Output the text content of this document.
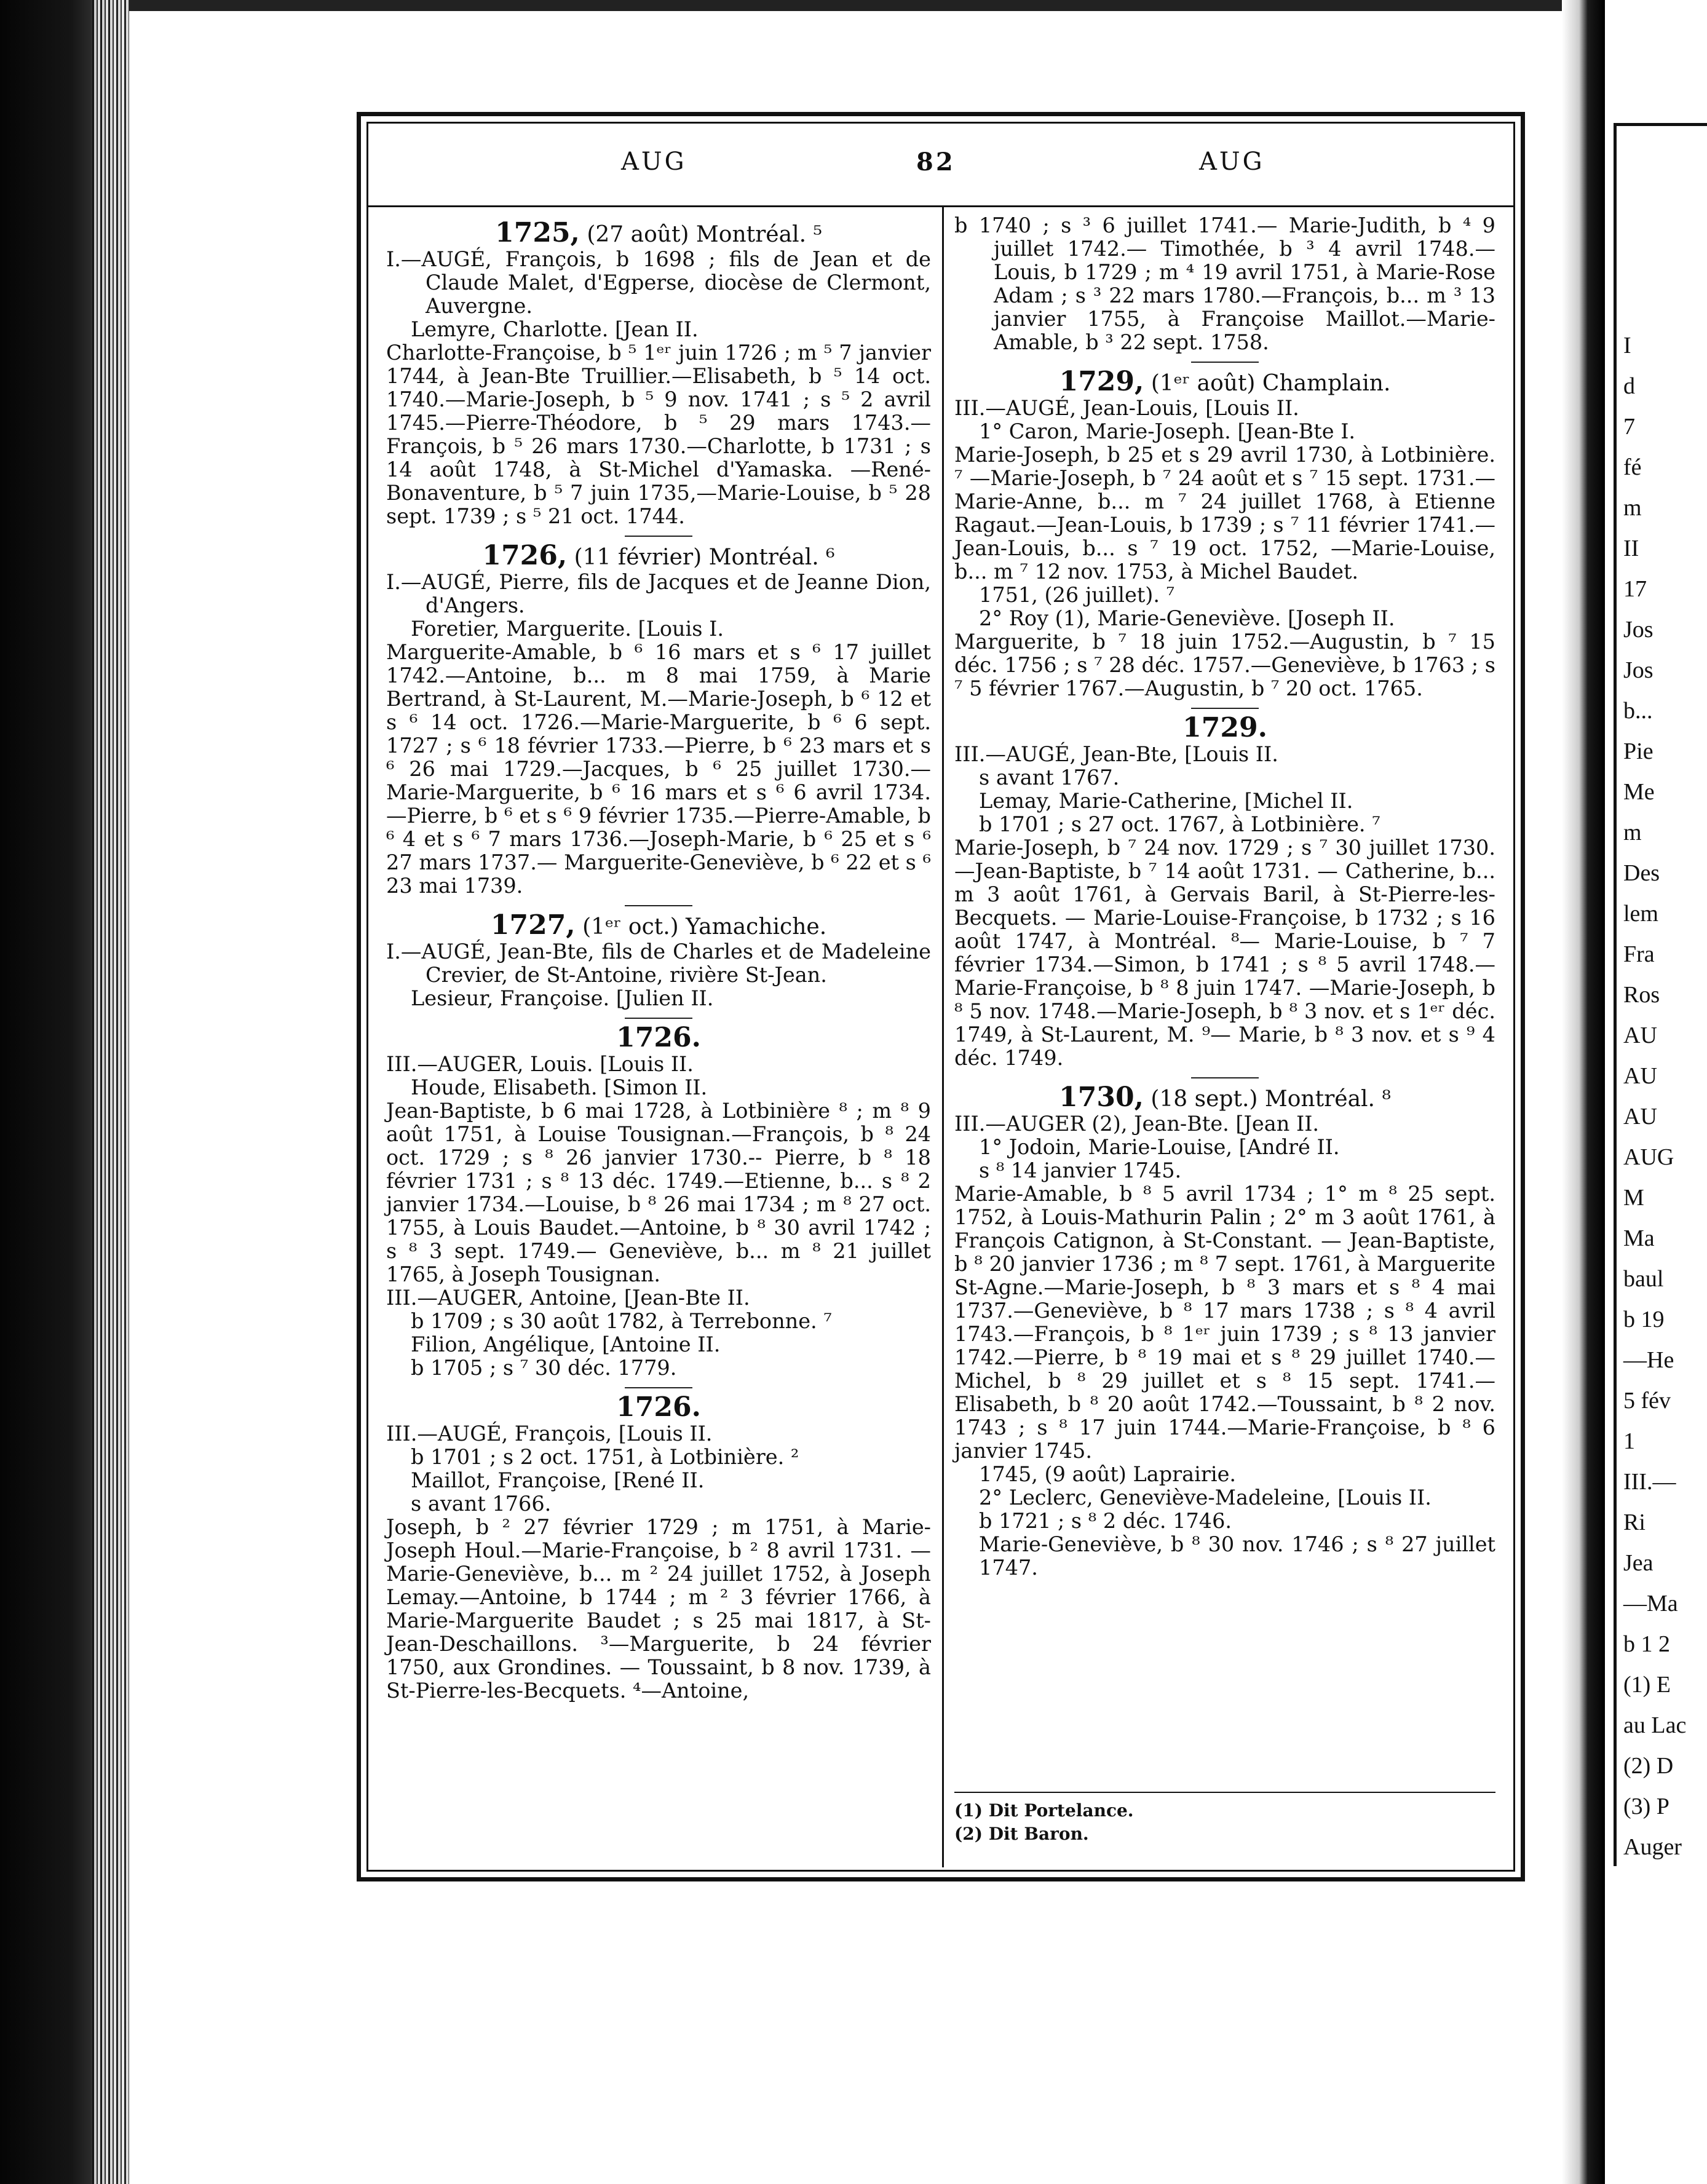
I
d
7
fé
m
II
17
Jos
Jos
b...
Pie
Me
m
Des
lem
Fra
Ros
AU
AU
AU
AUG
M
Ma
baul
b 19
—He
5 fév
1
III.—
Ri
Jea
—Ma
b 1 2
(1) E
au Lac
(2) D
(3) P
Auger
AUG	82	AUG
1725, (27 août) Montréal. ⁵

I.—AUGÉ, François, b 1698 ; fils de Jean et de Claude Malet, d'Egperse, diocèse de Clermont, Auvergne.

Lemyre, Charlotte. [Jean II.

Charlotte-Françoise, b ⁵ 1ᵉʳ juin 1726 ; m ⁵ 7 janvier 1744, à Jean-Bte Truillier.—Elisabeth, b ⁵ 14 oct. 1740.—Marie-Joseph, b ⁵ 9 nov. 1741 ; s ⁵ 2 avril 1745.—Pierre-Théodore, b ⁵ 29 mars 1743.—François, b ⁵ 26 mars 1730.—Charlotte, b 1731 ; s 14 août 1748, à St-Michel d'Yamaska. —René-Bonaventure, b ⁵ 7 juin 1735,—Marie-Louise, b ⁵ 28 sept. 1739 ; s ⁵ 21 oct. 1744.

1726, (11 février) Montréal. ⁶

I.—AUGÉ, Pierre, fils de Jacques et de Jeanne Dion, d'Angers.

Foretier, Marguerite. [Louis I.

Marguerite-Amable, b ⁶ 16 mars et s ⁶ 17 juillet 1742.—Antoine, b... m 8 mai 1759, à Marie Bertrand, à St-Laurent, M.—Marie-Joseph, b ⁶ 12 et s ⁶ 14 oct. 1726.—Marie-Marguerite, b ⁶ 6 sept. 1727 ; s ⁶ 18 février 1733.—Pierre, b ⁶ 23 mars et s ⁶ 26 mai 1729.—Jacques, b ⁶ 25 juillet 1730.— Marie-Marguerite, b ⁶ 16 mars et s ⁶ 6 avril 1734. —Pierre, b ⁶ et s ⁶ 9 février 1735.—Pierre-Amable, b ⁶ 4 et s ⁶ 7 mars 1736.—Joseph-Marie, b ⁶ 25 et s ⁶ 27 mars 1737.— Marguerite-Geneviève, b ⁶ 22 et s ⁶ 23 mai 1739.

1727, (1ᵉʳ oct.) Yamachiche.

I.—AUGÉ, Jean-Bte, fils de Charles et de Madeleine Crevier, de St-Antoine, rivière St-Jean.

Lesieur, Françoise. [Julien II.

1726.

III.—AUGER, Louis. [Louis II.

Houde, Elisabeth. [Simon II.

Jean-Baptiste, b 6 mai 1728, à Lotbinière ⁸ ; m ⁸ 9 août 1751, à Louise Tousignan.—François, b ⁸ 24 oct. 1729 ; s ⁸ 26 janvier 1730.-- Pierre, b ⁸ 18 février 1731 ; s ⁸ 13 déc. 1749.—Etienne, b... s ⁸ 2 janvier 1734.—Louise, b ⁸ 26 mai 1734 ; m ⁸ 27 oct. 1755, à Louis Baudet.—Antoine, b ⁸ 30 avril 1742 ; s ⁸ 3 sept. 1749.— Geneviève, b... m ⁸ 21 juillet 1765, à Joseph Tousignan.

III.—AUGER, Antoine, [Jean-Bte II.

b 1709 ; s 30 août 1782, à Terrebonne. ⁷

Filion, Angélique, [Antoine II.

b 1705 ; s ⁷ 30 déc. 1779.

1726.

III.—AUGÉ, François, [Louis II.

b 1701 ; s 2 oct. 1751, à Lotbinière. ²

Maillot, Françoise, [René II.

s avant 1766.

Joseph, b ² 27 février 1729 ; m 1751, à Marie-Joseph Houl.—Marie-Françoise, b ² 8 avril 1731. — Marie-Geneviève, b... m ² 24 juillet 1752, à Joseph Lemay.—Antoine, b 1744 ; m ² 3 février 1766, à Marie-Marguerite Baudet ; s 25 mai 1817, à St-Jean-Deschaillons. ³—Marguerite, b 24 février 1750, aux Grondines. — Toussaint, b 8 nov. 1739, à St-Pierre-les-Becquets. ⁴—Antoine,

b 1740 ; s ³ 6 juillet 1741.— Marie-Judith, b ⁴ 9 juillet 1742.— Timothée, b ³ 4 avril 1748.—Louis, b 1729 ; m ⁴ 19 avril 1751, à Marie-Rose Adam ; s ³ 22 mars 1780.—François, b... m ³ 13 janvier 1755, à Françoise Maillot.—Marie-Amable, b ³ 22 sept. 1758.

1729, (1ᵉʳ août) Champlain.

III.—AUGÉ, Jean-Louis, [Louis II.

1° Caron, Marie-Joseph. [Jean-Bte I.

Marie-Joseph, b 25 et s 29 avril 1730, à Lotbinière. ⁷ —Marie-Joseph, b ⁷ 24 août et s ⁷ 15 sept. 1731.—Marie-Anne, b... m ⁷ 24 juillet 1768, à Etienne Ragaut.—Jean-Louis, b 1739 ; s ⁷ 11 février 1741.—Jean-Louis, b... s ⁷ 19 oct. 1752, —Marie-Louise, b... m ⁷ 12 nov. 1753, à Michel Baudet.

1751, (26 juillet). ⁷

2° Roy (1), Marie-Geneviève. [Joseph II.

Marguerite, b ⁷ 18 juin 1752.—Augustin, b ⁷ 15 déc. 1756 ; s ⁷ 28 déc. 1757.—Geneviève, b 1763 ; s ⁷ 5 février 1767.—Augustin, b ⁷ 20 oct. 1765.

1729.

III.—AUGÉ, Jean-Bte, [Louis II.

s avant 1767.

Lemay, Marie-Catherine, [Michel II.

b 1701 ; s 27 oct. 1767, à Lotbinière. ⁷

Marie-Joseph, b ⁷ 24 nov. 1729 ; s ⁷ 30 juillet 1730.—Jean-Baptiste, b ⁷ 14 août 1731. — Catherine, b... m 3 août 1761, à Gervais Baril, à St-Pierre-les-Becquets. — Marie-Louise-Françoise, b 1732 ; s 16 août 1747, à Montréal. ⁸— Marie-Louise, b ⁷ 7 février 1734.—Simon, b 1741 ; s ⁸ 5 avril 1748.—Marie-Françoise, b ⁸ 8 juin 1747. —Marie-Joseph, b ⁸ 5 nov. 1748.—Marie-Joseph, b ⁸ 3 nov. et s 1ᵉʳ déc. 1749, à St-Laurent, M. ⁹— Marie, b ⁸ 3 nov. et s ⁹ 4 déc. 1749.

1730, (18 sept.) Montréal. ⁸

III.—AUGER (2), Jean-Bte. [Jean II.

1° Jodoin, Marie-Louise, [André II.

s ⁸ 14 janvier 1745.

Marie-Amable, b ⁸ 5 avril 1734 ; 1° m ⁸ 25 sept. 1752, à Louis-Mathurin Palin ; 2° m 3 août 1761, à François Catignon, à St-Constant. — Jean-Baptiste, b ⁸ 20 janvier 1736 ; m ⁸ 7 sept. 1761, à Marguerite St-Agne.—Marie-Joseph, b ⁸ 3 mars et s ⁸ 4 mai 1737.—Geneviève, b ⁸ 17 mars 1738 ; s ⁸ 4 avril 1743.—François, b ⁸ 1ᵉʳ juin 1739 ; s ⁸ 13 janvier 1742.—Pierre, b ⁸ 19 mai et s ⁸ 29 juillet 1740.—Michel, b ⁸ 29 juillet et s ⁸ 15 sept. 1741.—Elisabeth, b ⁸ 20 août 1742.—Toussaint, b ⁸ 2 nov. 1743 ; s ⁸ 17 juin 1744.—Marie-Françoise, b ⁸ 6 janvier 1745.

1745, (9 août) Laprairie.

2° Leclerc, Geneviève-Madeleine, [Louis II.

b 1721 ; s ⁸ 2 déc. 1746.

Marie-Geneviève, b ⁸ 30 nov. 1746 ; s ⁸ 27 juillet 1747.

(1) Dit Portelance.
(2) Dit Baron.
